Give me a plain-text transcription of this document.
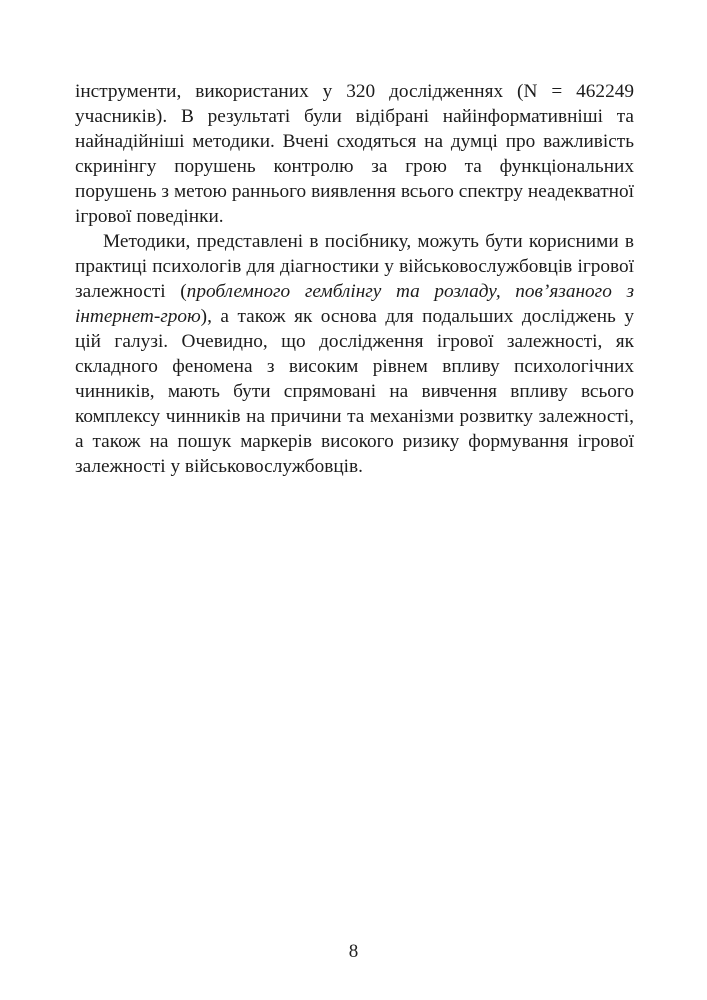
інструменти, використаних у 320 дослідженнях (N = 462249 учасників). В результаті були відібрані найінформативніші та найнадійніші методики. Вчені сходяться на думці про важливість скринінгу порушень контролю за грою та функціональних порушень з метою раннього виявлення всього спектру неадекватної ігрової поведінки.

Методики, представлені в посібнику, можуть бути корисними в практиці психологів для діагностики у військовослужбовців ігрової залежності (проблемного гемблінгу та розладу, пов’язаного з інтернет-грою), а також як основа для подальших досліджень у цій галузі. Очевидно, що дослідження ігрової залежності, як складного феномена з високим рівнем впливу психологічних чинників, мають бути спрямовані на вивчення впливу всього комплексу чинників на причини та механізми розвитку залежності, а також на пошук маркерів високого ризику формування ігрової залежності у військовослужбовців.

8
